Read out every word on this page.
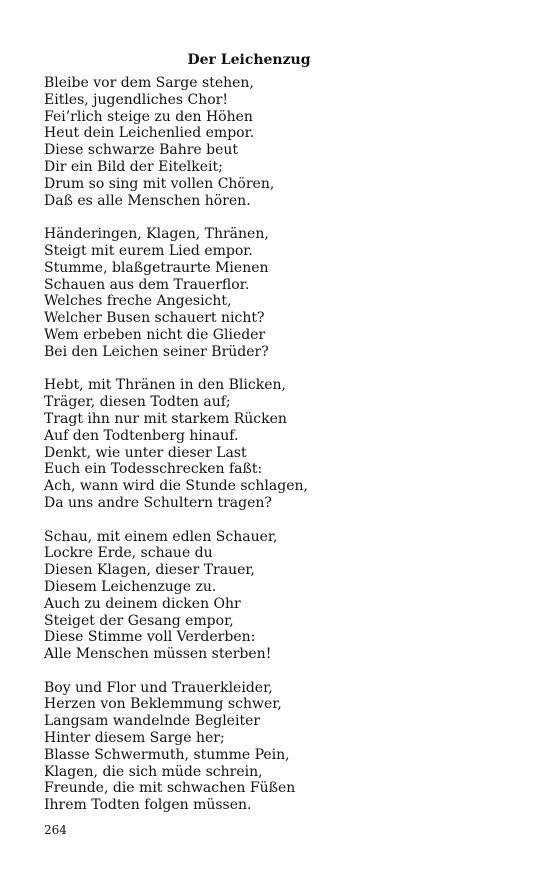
Der Leichenzug
Bleibe vor dem Sarge stehen,
Eitles, jugendliches Chor!
Fei’rlich steige zu den Höhen
Heut dein Leichenlied empor.
Diese schwarze Bahre beut
Dir ein Bild der Eitelkeit;
Drum so sing mit vollen Chören,
Daß es alle Menschen hören.
Händeringen, Klagen, Thränen,
Steigt mit eurem Lied empor.
Stumme, blaßgetraurte Mienen
Schauen aus dem Trauerflor.
Welches freche Angesicht,
Welcher Busen schauert nicht?
Wem erbeben nicht die Glieder
Bei den Leichen seiner Brüder?
Hebt, mit Thränen in den Blicken,
Träger, diesen Todten auf;
Tragt ihn nur mit starkem Rücken
Auf den Todtenberg hinauf.
Denkt, wie unter dieser Last
Euch ein Todesschrecken faßt:
Ach, wann wird die Stunde schlagen,
Da uns andre Schultern tragen?
Schau, mit einem edlen Schauer,
Lockre Erde, schaue du
Diesen Klagen, dieser Trauer,
Diesem Leichenzuge zu.
Auch zu deinem dicken Ohr
Steiget der Gesang empor,
Diese Stimme voll Verderben:
Alle Menschen müssen sterben!
Boy und Flor und Trauerkleider,
Herzen von Beklemmung schwer,
Langsam wandelnde Begleiter
Hinter diesem Sarge her;
Blasse Schwermuth, stumme Pein,
Klagen, die sich müde schrein,
Freunde, die mit schwachen Füßen
Ihrem Todten folgen müssen.
264
